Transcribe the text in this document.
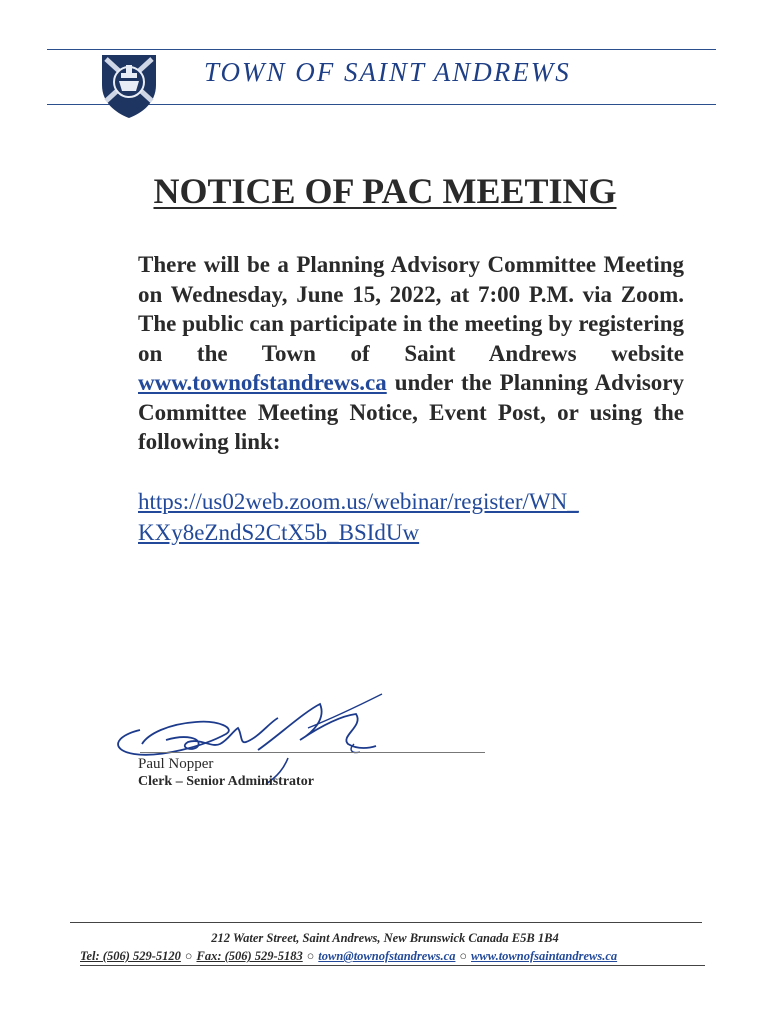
TOWN OF SAINT ANDREWS
NOTICE OF PAC MEETING
There will be a Planning Advisory Committee Meeting on Wednesday, June 15, 2022, at 7:00 P.M. via Zoom. The public can participate in the meeting by registering on the Town of Saint Andrews website www.townofstandrews.ca under the Planning Advisory Committee Meeting Notice, Event Post, or using the following link:
https://us02web.zoom.us/webinar/register/WN_
KXy8eZndS2CtX5b_BSIdUw
Paul Nopper
Clerk – Senior Administrator
212 Water Street, Saint Andrews, New Brunswick Canada E5B 1B4
Tel: (506) 529-5120 ○ Fax: (506) 529-5183 ○ town@townofstandrews.ca ○ www.townofsaintandrews.ca
